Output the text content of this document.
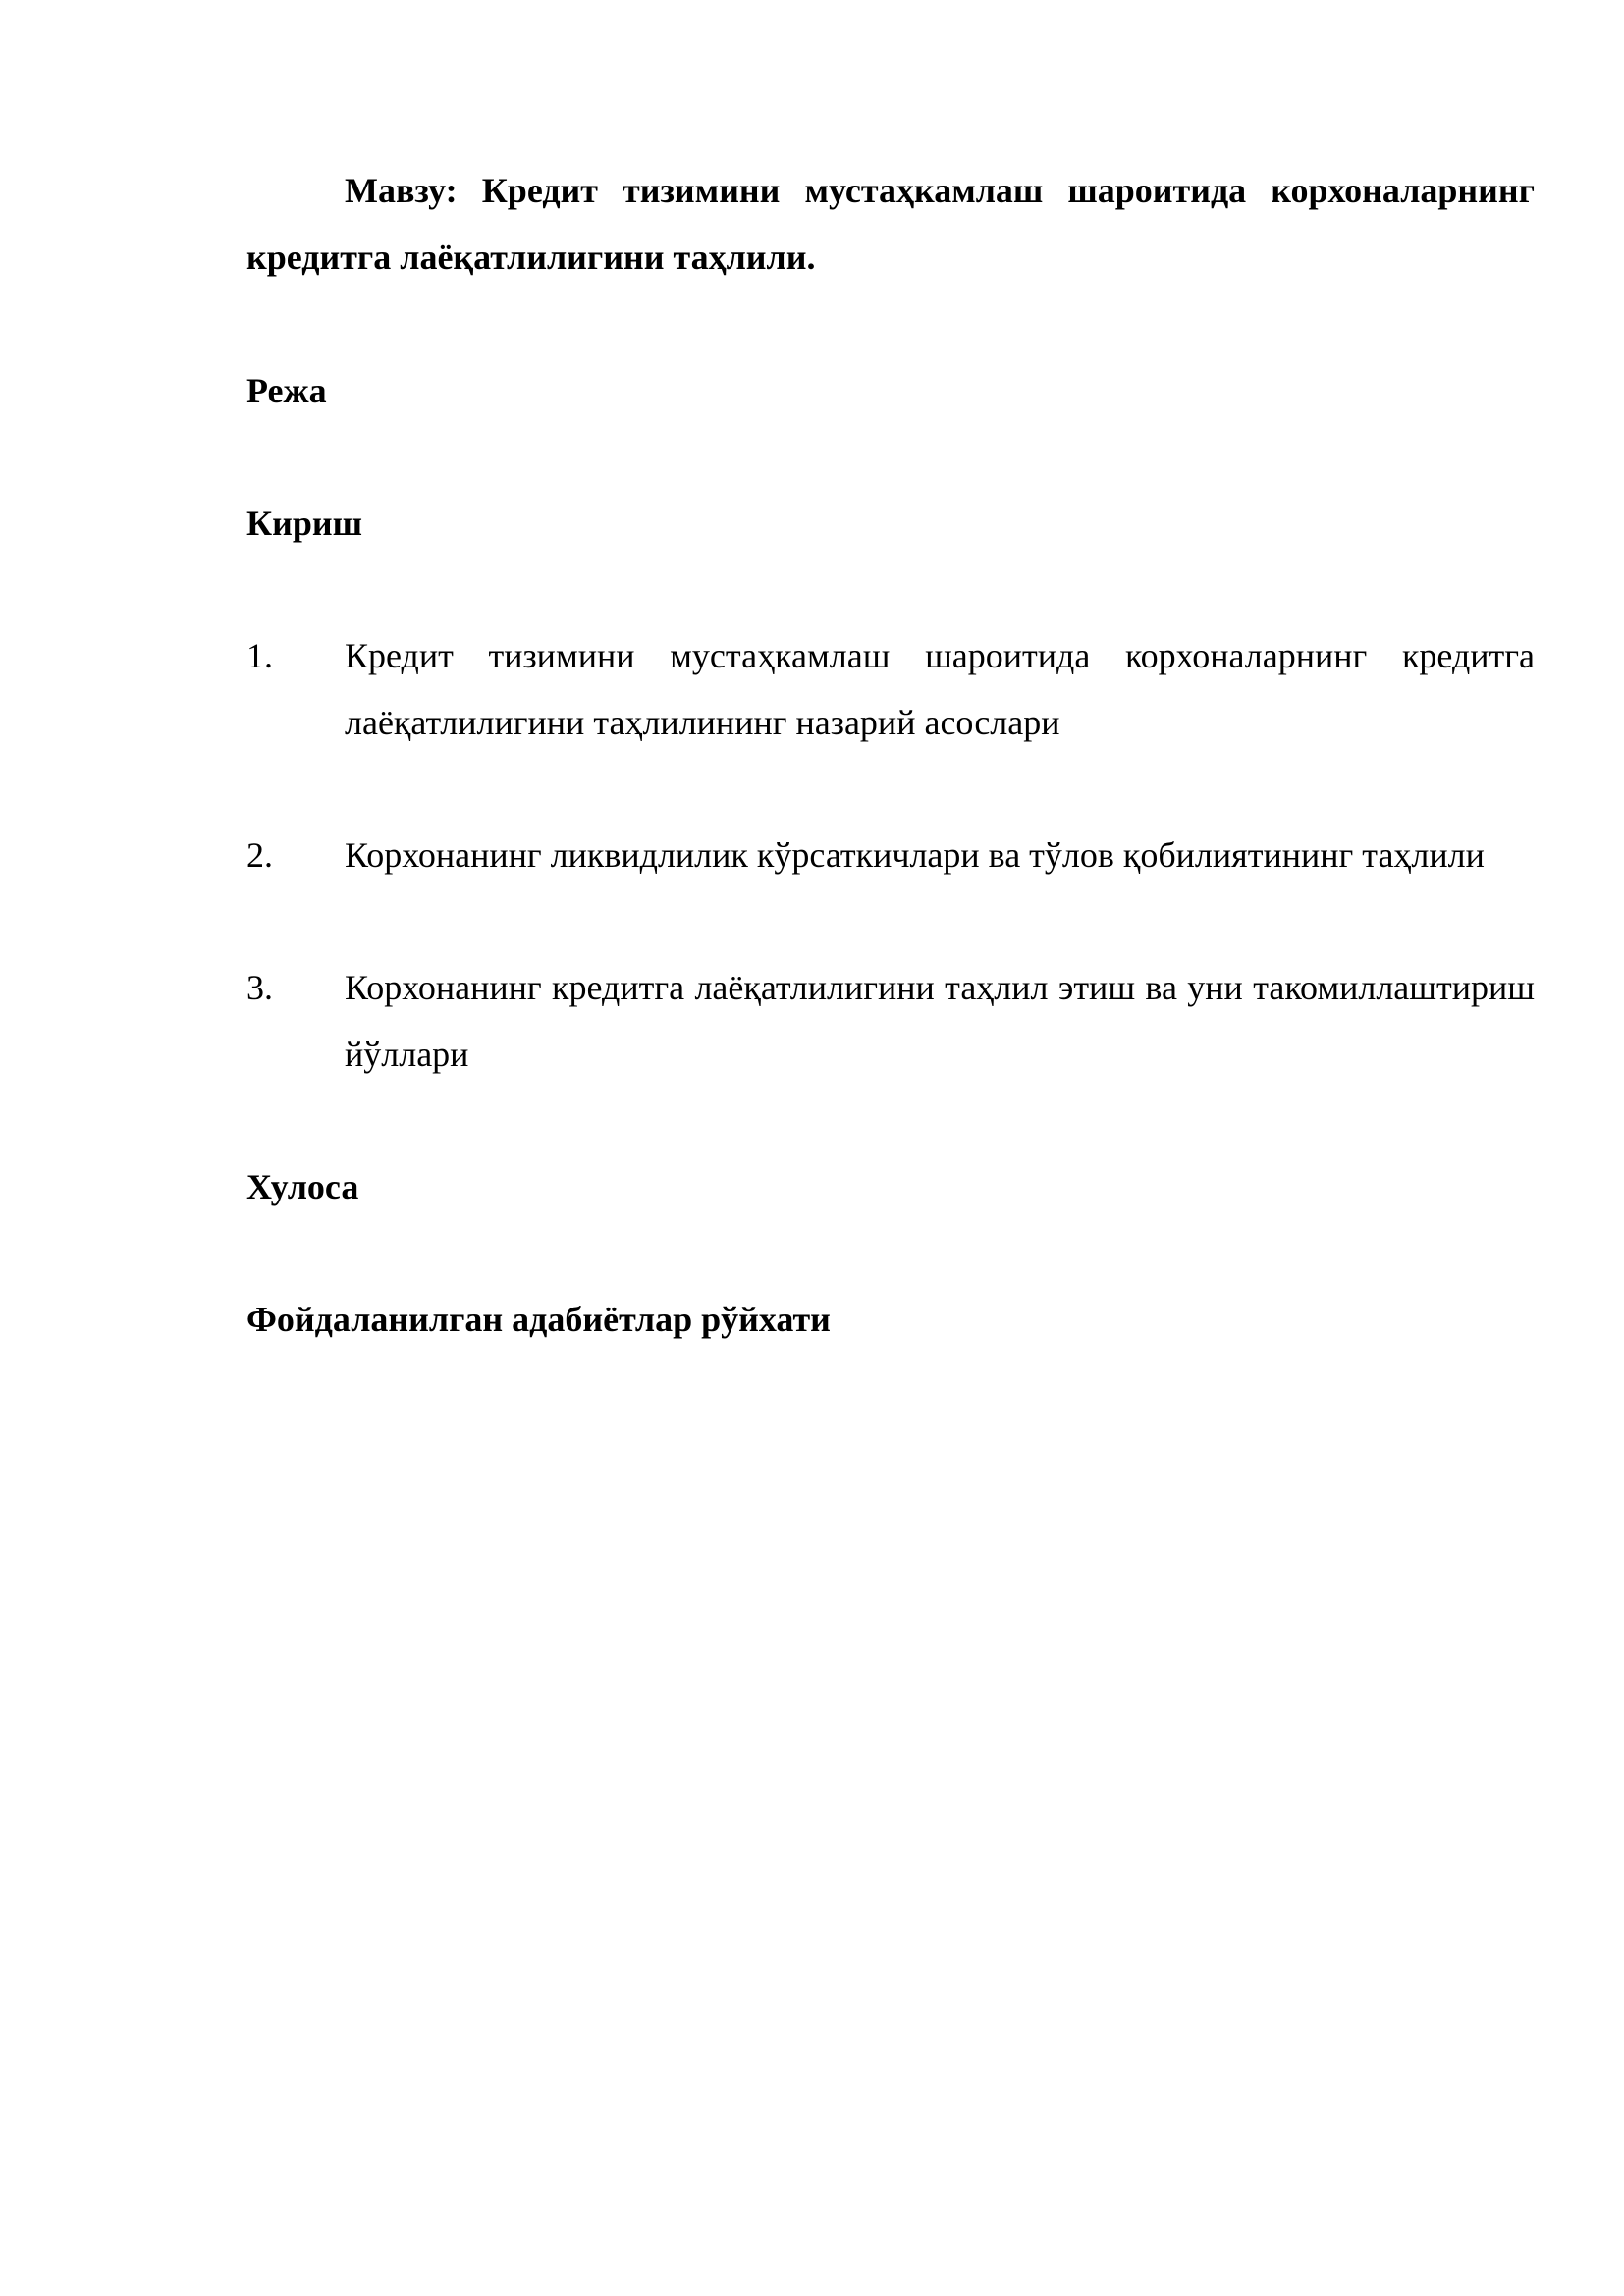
Мавзу: Кредит тизимини мустаҳкамлаш шароитида корхоналарнинг кредитга лаёқатлилигини таҳлили.

Режа

Кириш

1. Кредит тизимини мустаҳкамлаш шароитида корхоналарнинг кредитга лаёқатлилигини таҳлилининг назарий асослари

2. Корхонанинг ликвидлилик кўрсаткичлари ва тўлов қобилиятининг таҳлили

3. Корхонанинг кредитга лаёқатлилигини таҳлил этиш ва уни такомиллаштириш йўллари

Хулоса

Фойдаланилган адабиётлар рўйхати
